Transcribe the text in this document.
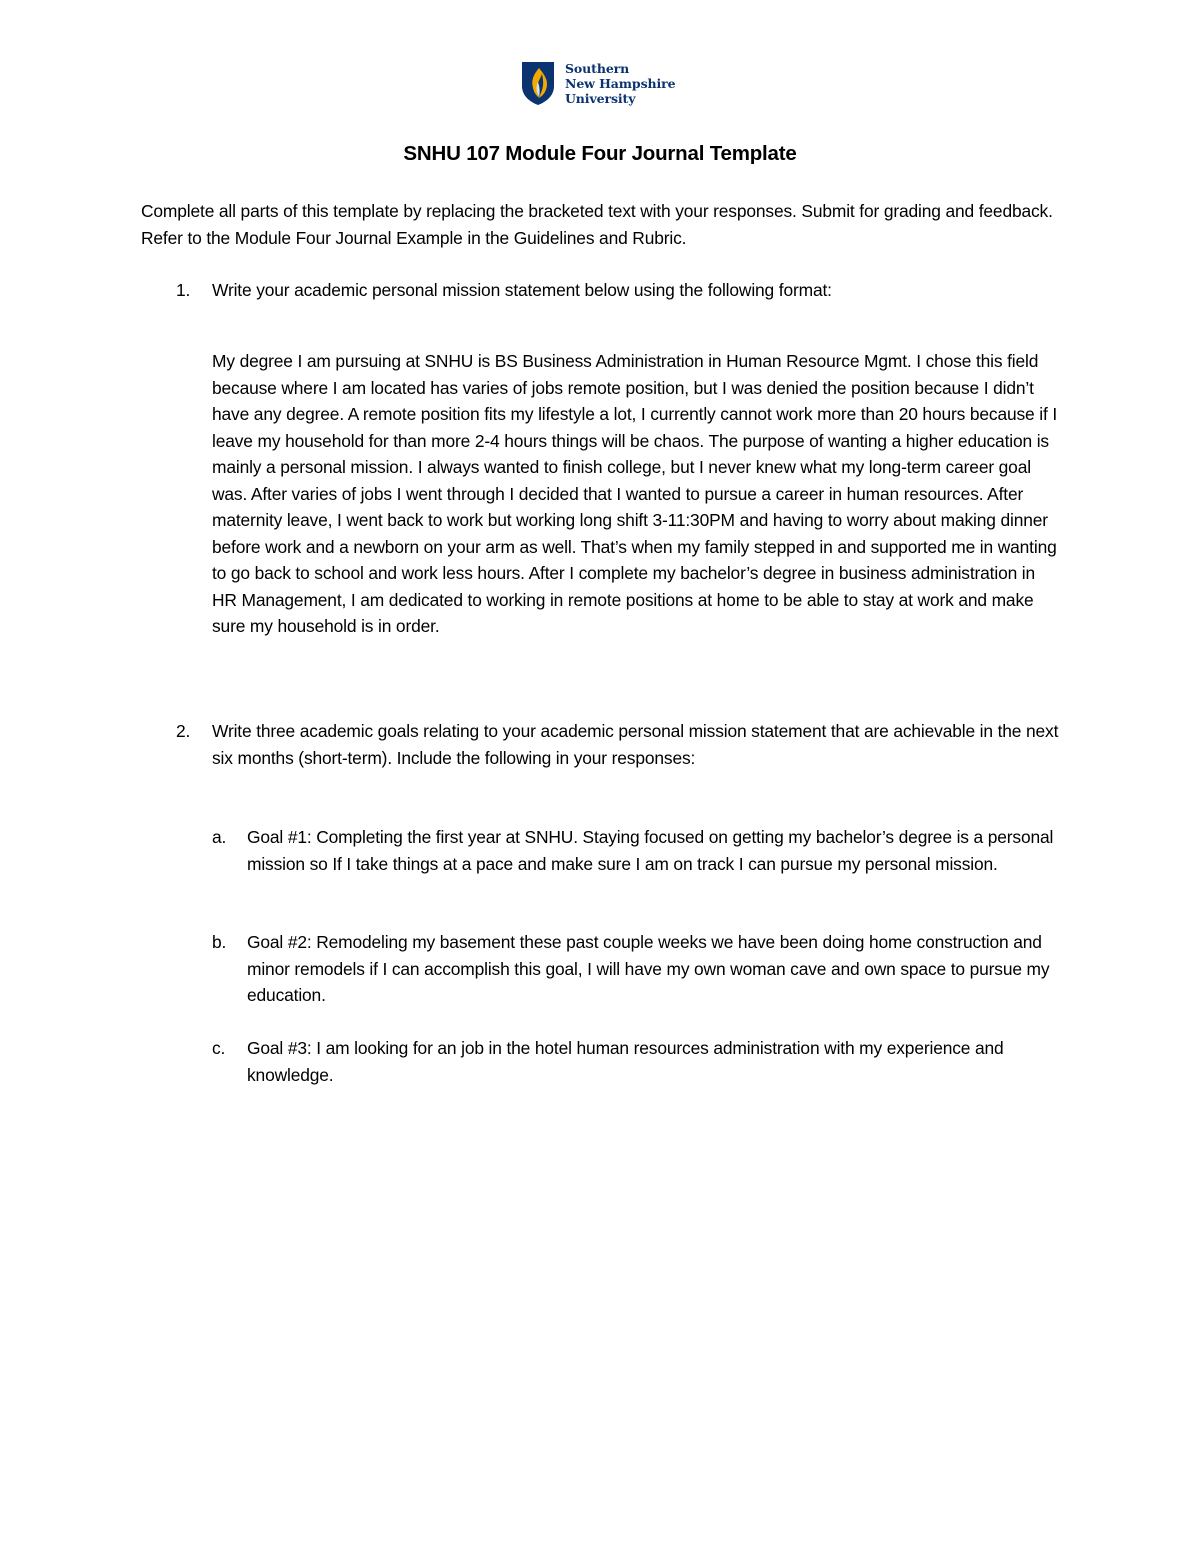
Southern
New Hampshire
University
SNHU 107 Module Four Journal Template
Complete all parts of this template by replacing the bracketed text with your responses. Submit for grading and feedback. Refer to the Module Four Journal Example in the Guidelines and Rubric.
1. Write your academic personal mission statement below using the following format:
My degree I am pursuing at SNHU is BS Business Administration in Human Resource Mgmt. I chose this field because where I am located has varies of jobs remote position, but I was denied the position because I didn’t have any degree. A remote position fits my lifestyle a lot, I currently cannot work more than 20 hours because if I leave my household for than more 2-4 hours things will be chaos. The purpose of wanting a higher education is mainly a personal mission. I always wanted to finish college, but I never knew what my long-term career goal was. After varies of jobs I went through I decided that I wanted to pursue a career in human resources. After maternity leave, I went back to work but working long shift 3-11:30PM and having to worry about making dinner before work and a newborn on your arm as well. That’s when my family stepped in and supported me in wanting to go back to school and work less hours. After I complete my bachelor’s degree in business administration in HR Management, I am dedicated to working in remote positions at home to be able to stay at work and make sure my household is in order.
2. Write three academic goals relating to your academic personal mission statement that are achievable in the next six months (short-term). Include the following in your responses:
a. Goal #1: Completing the first year at SNHU. Staying focused on getting my bachelor’s degree is a personal mission so If I take things at a pace and make sure I am on track I can pursue my personal mission.
b. Goal #2: Remodeling my basement these past couple weeks we have been doing home construction and minor remodels if I can accomplish this goal, I will have my own woman cave and own space to pursue my education.
c. Goal #3: I am looking for an job in the hotel human resources administration with my experience and knowledge.
